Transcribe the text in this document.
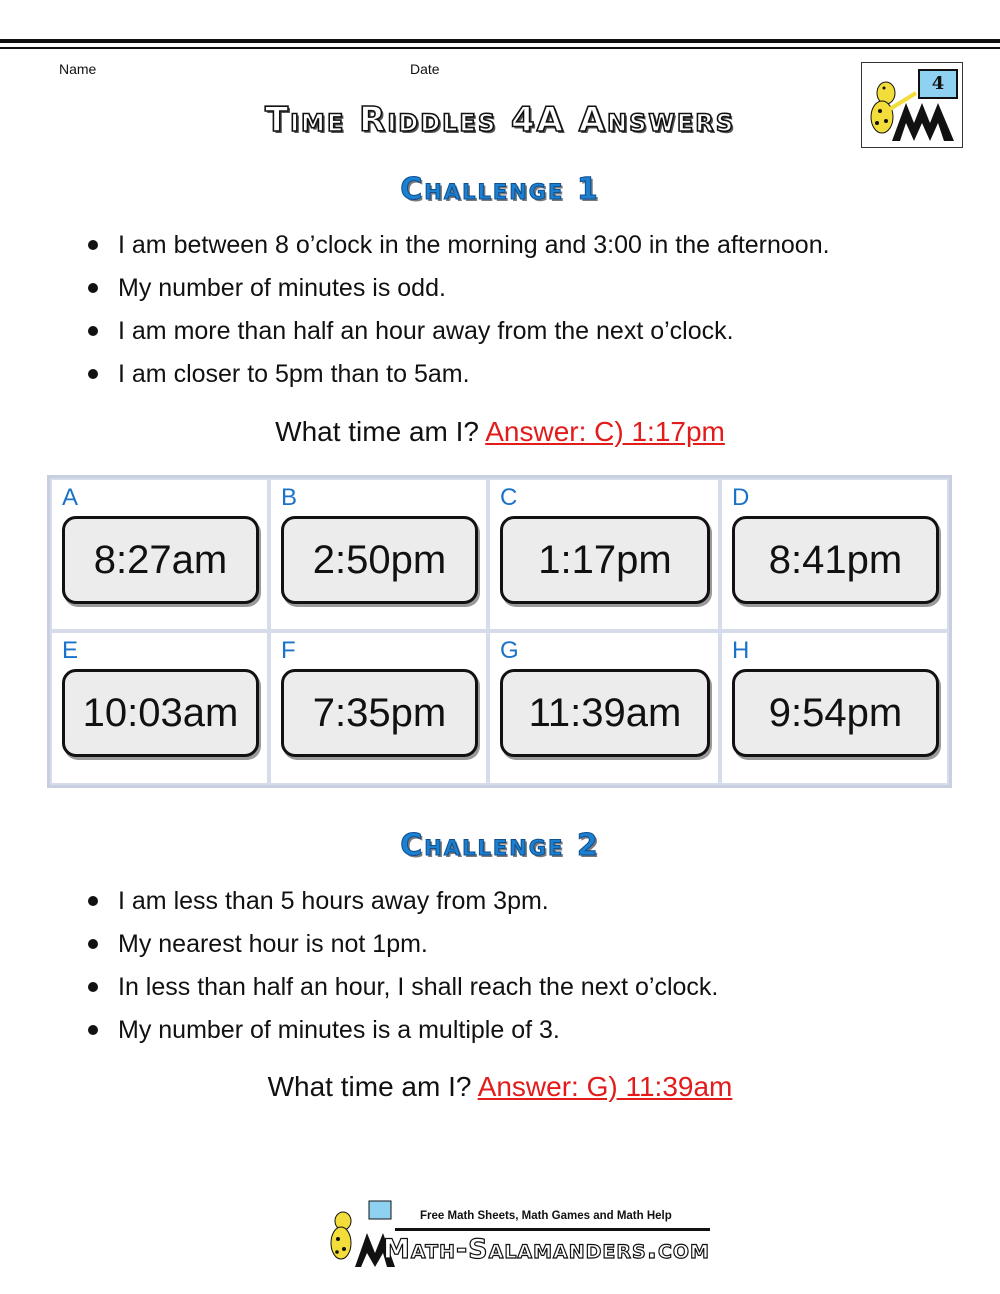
Name	Date
4
Time Riddles 4A Answers
Challenge 1
I am between 8 o’clock in the morning and 3:00 in the afternoon.
My number of minutes is odd.
I am more than half an hour away from the next o’clock.
I am closer to 5pm than to 5am.
What time am I? Answer: C) 1:17pm
A
8:27am
B
2:50pm
C
1:17pm
D
8:41pm
E
10:03am
F
7:35pm
G
11:39am
H
9:54pm
Challenge 2
I am less than 5 hours away from 3pm.
My nearest hour is not 1pm.
In less than half an hour, I shall reach the next o’clock.
My number of minutes is a multiple of 3.
What time am I? Answer: G) 11:39am
Free Math Sheets, Math Games and Math Help
Math-Salamanders.com
